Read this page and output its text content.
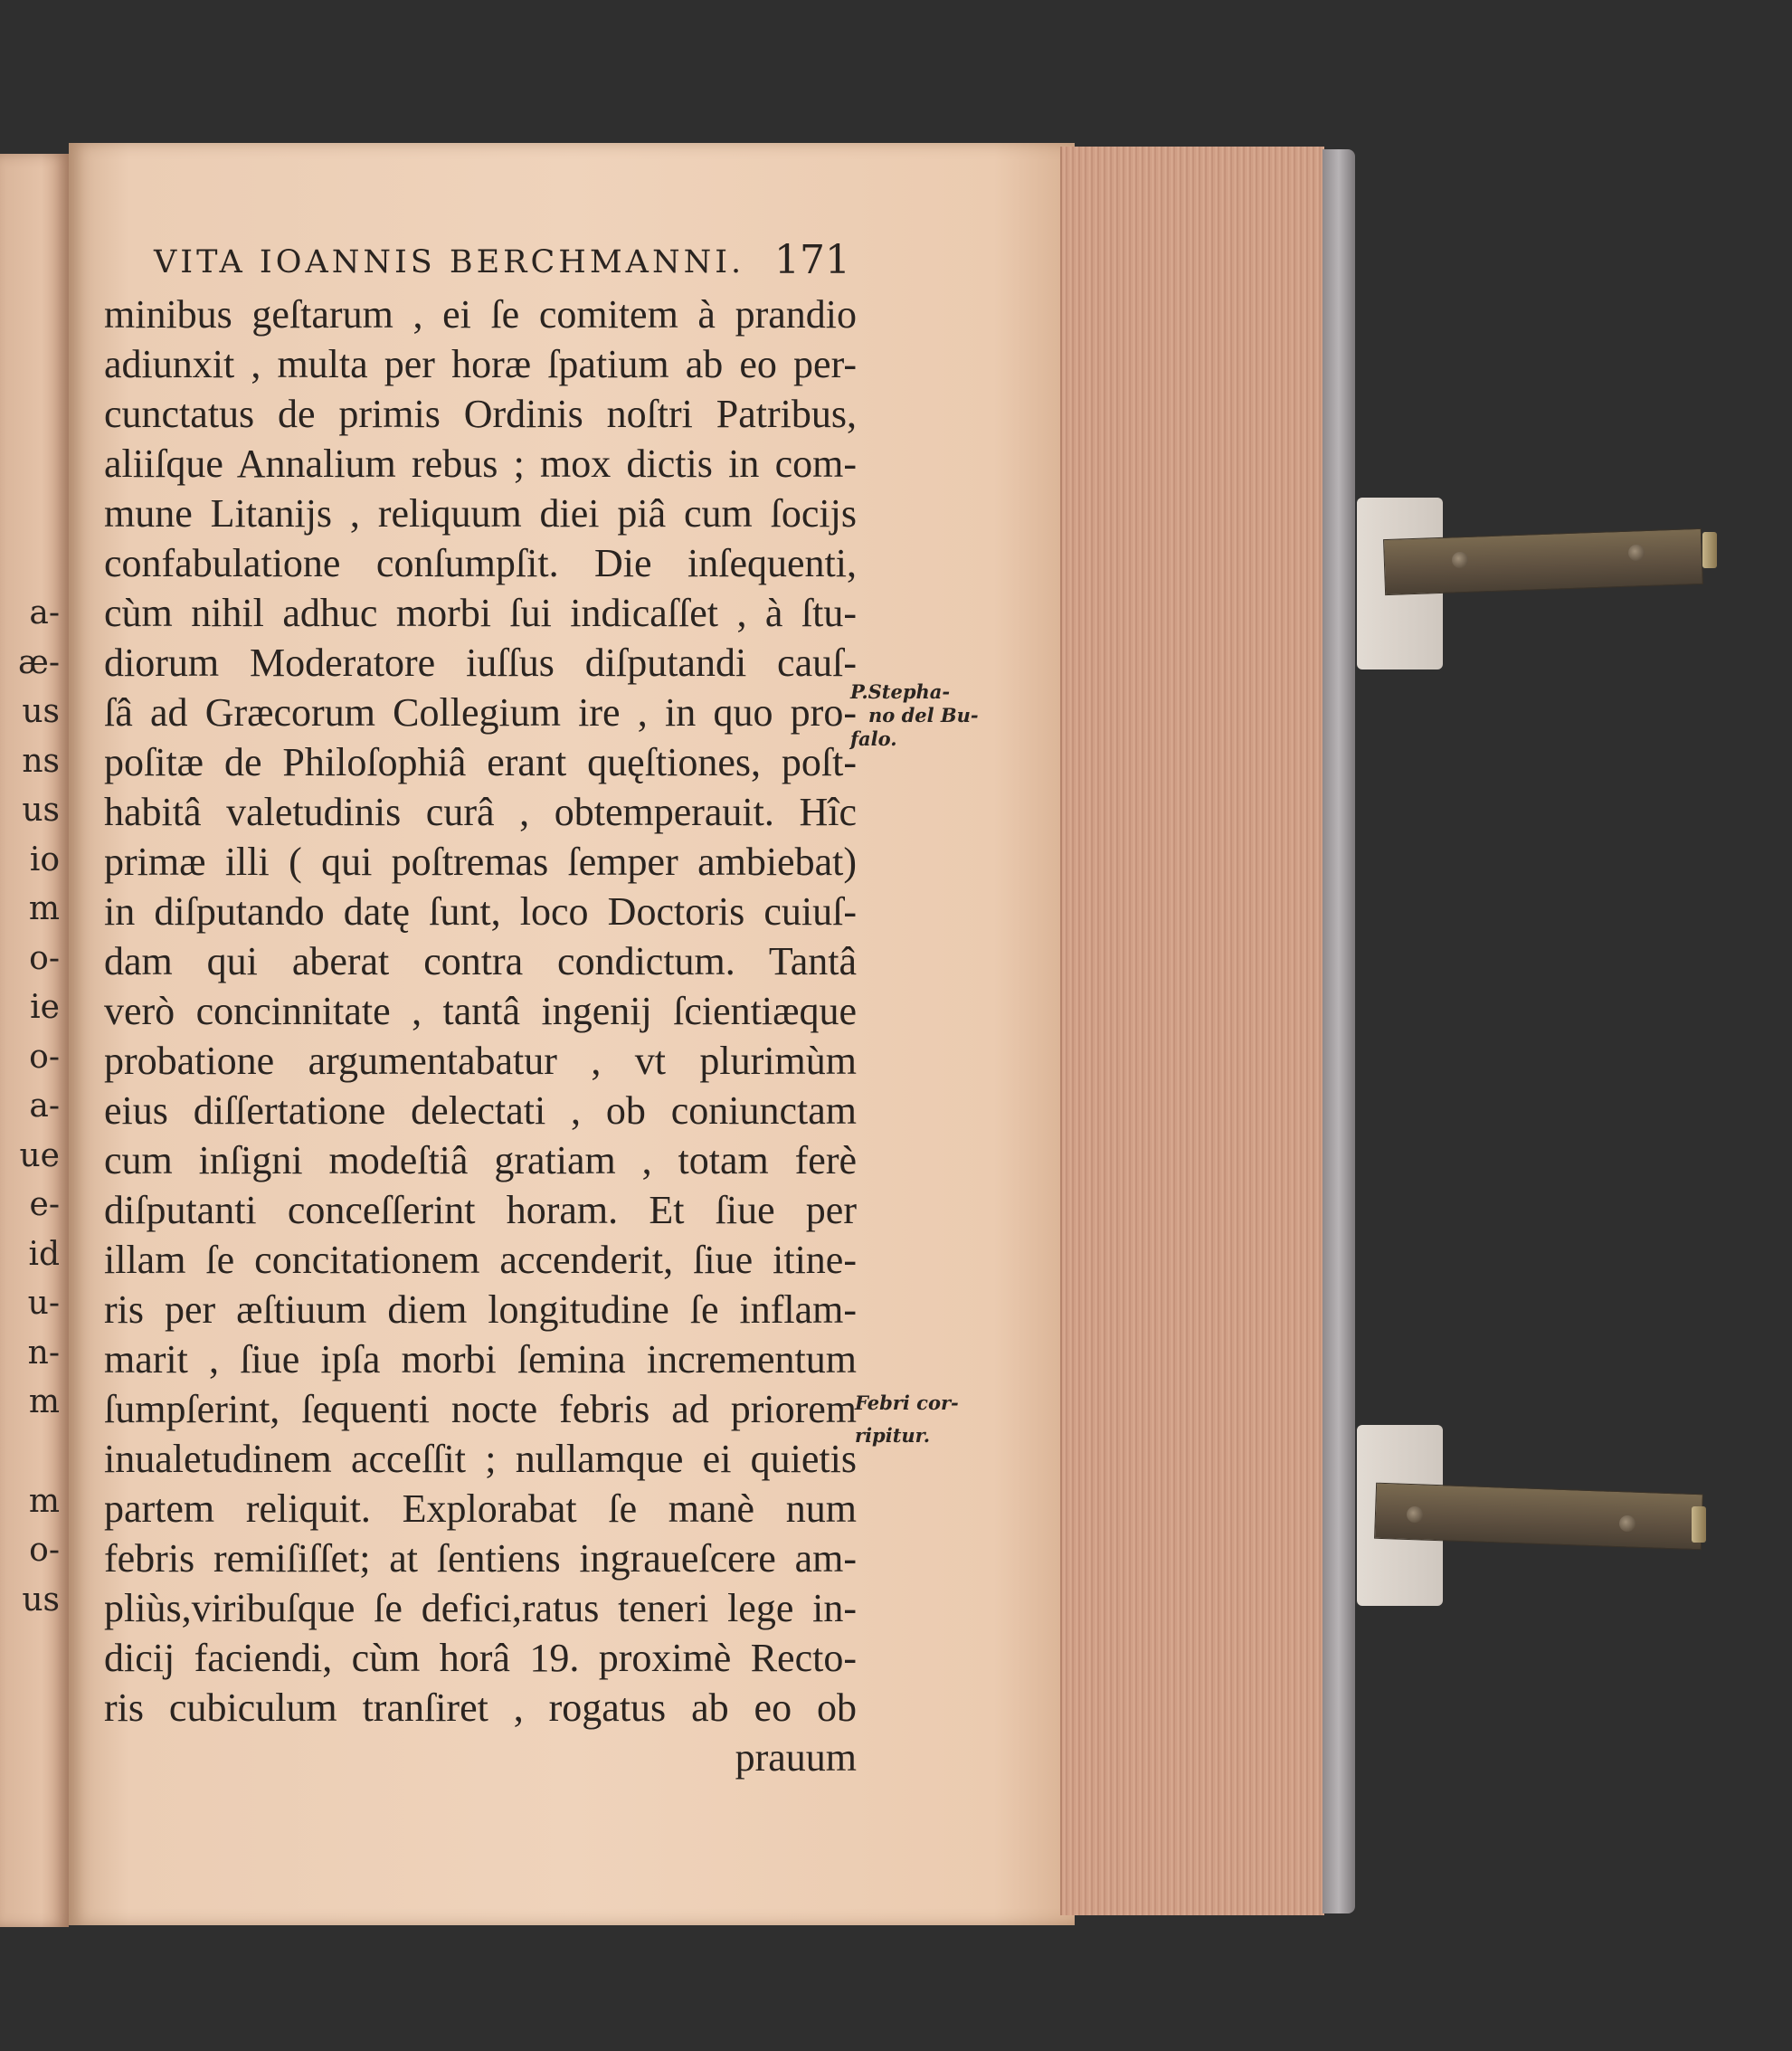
a-
æ-
us
ns
us
io
m
o-
ie
o-
a-
ue
e-
id
u-
n-
m
m
o-
us
VITA IOANNIS BERCHMANNI. 171
minibus geſtarum , ei ſe comitem à prandio
adiunxit , multa per horæ ſpatium ab eo per-
cunctatus de primis Ordinis noſtri Patribus,
aliiſque Annalium rebus ; mox dictis in com-
mune Litanijs , reliquum diei piâ cum ſocijs
confabulatione conſumpſit. Die inſequenti,
cùm nihil adhuc morbi ſui indicaſſet , à ſtu-
diorum Moderatore iuſſus diſputandi cauſ-
ſâ ad Græcorum Collegium ire , in quo pro-
poſitæ de Philoſophiâ erant quęſtiones, poſt-
habitâ valetudinis curâ , obtemperauit. Hîc
primæ illi ( qui poſtremas ſemper ambiebat)
in diſputando datę ſunt, loco Doctoris cuiuſ-
dam qui aberat contra condictum. Tantâ
verò concinnitate , tantâ ingenij ſcientiæque
probatione argumentabatur , vt plurimùm
eius diſſertatione delectati , ob coniunctam
cum inſigni modeſtiâ gratiam , totam ferè
diſputanti conceſſerint horam. Et ſiue per
illam ſe concitationem accenderit, ſiue itine-
ris per æſtiuum diem longitudine ſe inflam-
marit , ſiue ipſa morbi ſemina incrementum
ſumpſerint, ſequenti nocte febris ad priorem
inualetudinem acceſſit ; nullamque ei quietis
partem reliquit. Explorabat ſe manè num
febris remiſiſſet; at ſentiens ingraueſcere am-
pliùs,viribuſque ſe defici,ratus teneri lege in-
dicij faciendi, cùm horâ 19. proximè Recto-
ris cubiculum tranſiret , rogatus ab eo ob
prauum
P.Stepha-
no del Bu-
falo.
Febri cor-
ripitur.
